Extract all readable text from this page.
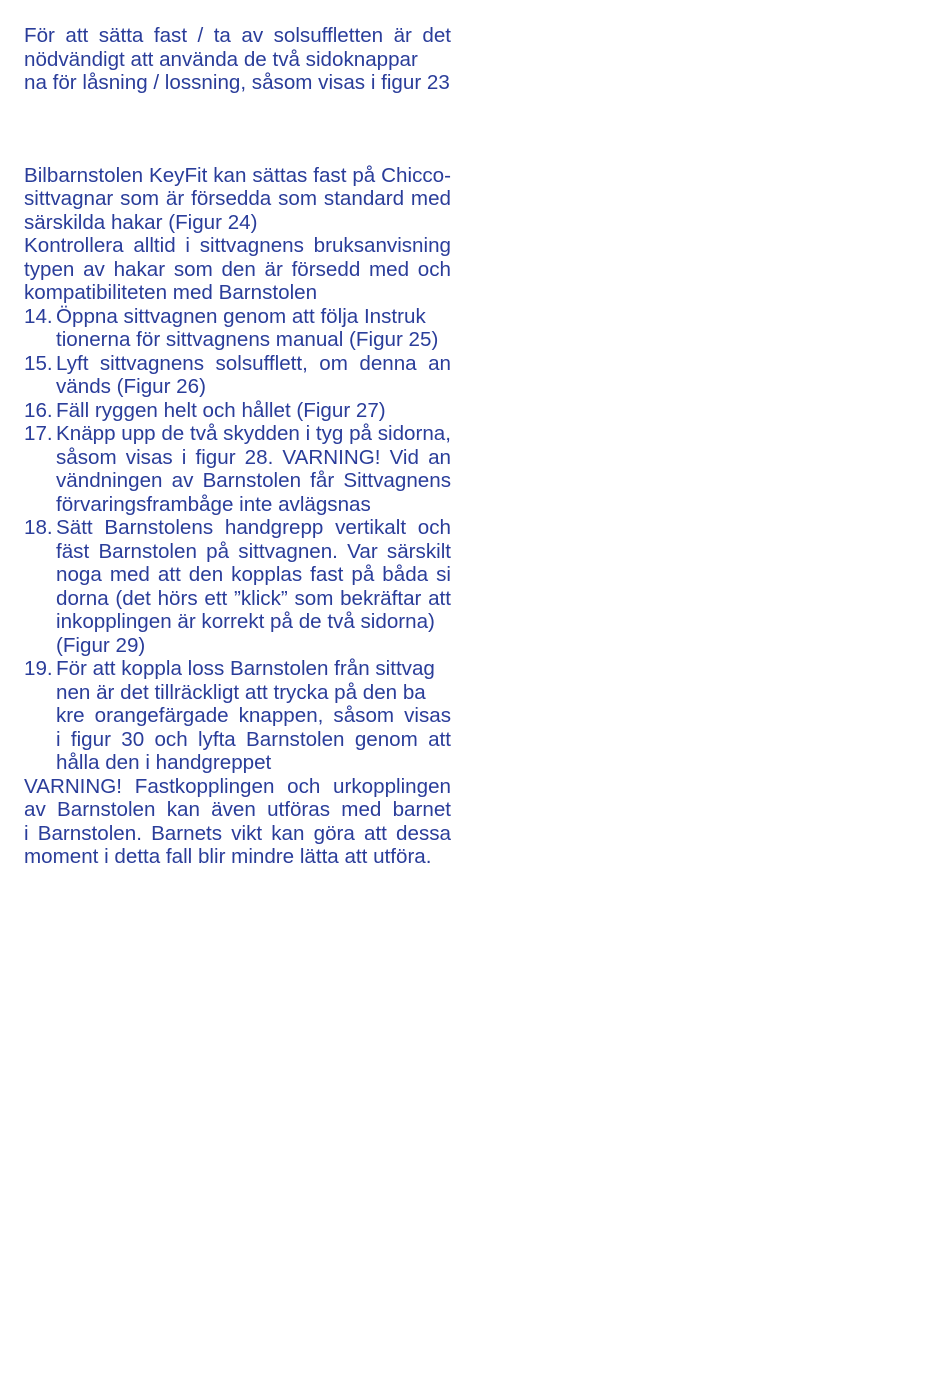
För att sätta fast / ta av solsuffletten är det
nödvändigt att använda de två sidoknappar
na för låsning / lossning, såsom visas i figur 23
Bilbarnstolen KeyFit kan sättas fast på Chicco-
sittvagnar som är försedda som standard med
särskilda hakar (Figur 24)
Kontrollera alltid i sittvagnens bruksanvisning
typen av hakar som den är försedd med och
kompatibiliteten med Barnstolen
14. Öppna sittvagnen genom att följa Instruk
tionerna för sittvagnens manual (Figur 25)
15. Lyft sittvagnens solsufflett, om denna an
vänds (Figur 26)
16. Fäll ryggen helt och hållet (Figur 27)
17. Knäpp upp de två skydden i tyg på sidorna,
såsom visas i figur 28. VARNING! Vid an
vändningen av Barnstolen får Sittvagnens
förvaringsframbåge inte avlägsnas
18. Sätt Barnstolens handgrepp vertikalt och
fäst Barnstolen på sittvagnen. Var särskilt
noga med att den kopplas fast på båda si
dorna (det hörs ett ”klick” som bekräftar att
inkopplingen är korrekt på de två sidorna)
(Figur 29)
19. För att koppla loss Barnstolen från sittvag
nen är det tillräckligt att trycka på den ba
kre orangefärgade knappen, såsom visas
i figur 30 och lyfta Barnstolen genom att
hålla den i handgreppet
VARNING! Fastkopplingen och urkopplingen
av Barnstolen kan även utföras med barnet
i Barnstolen. Barnets vikt kan göra att dessa
moment i detta fall blir mindre lätta att utföra.
